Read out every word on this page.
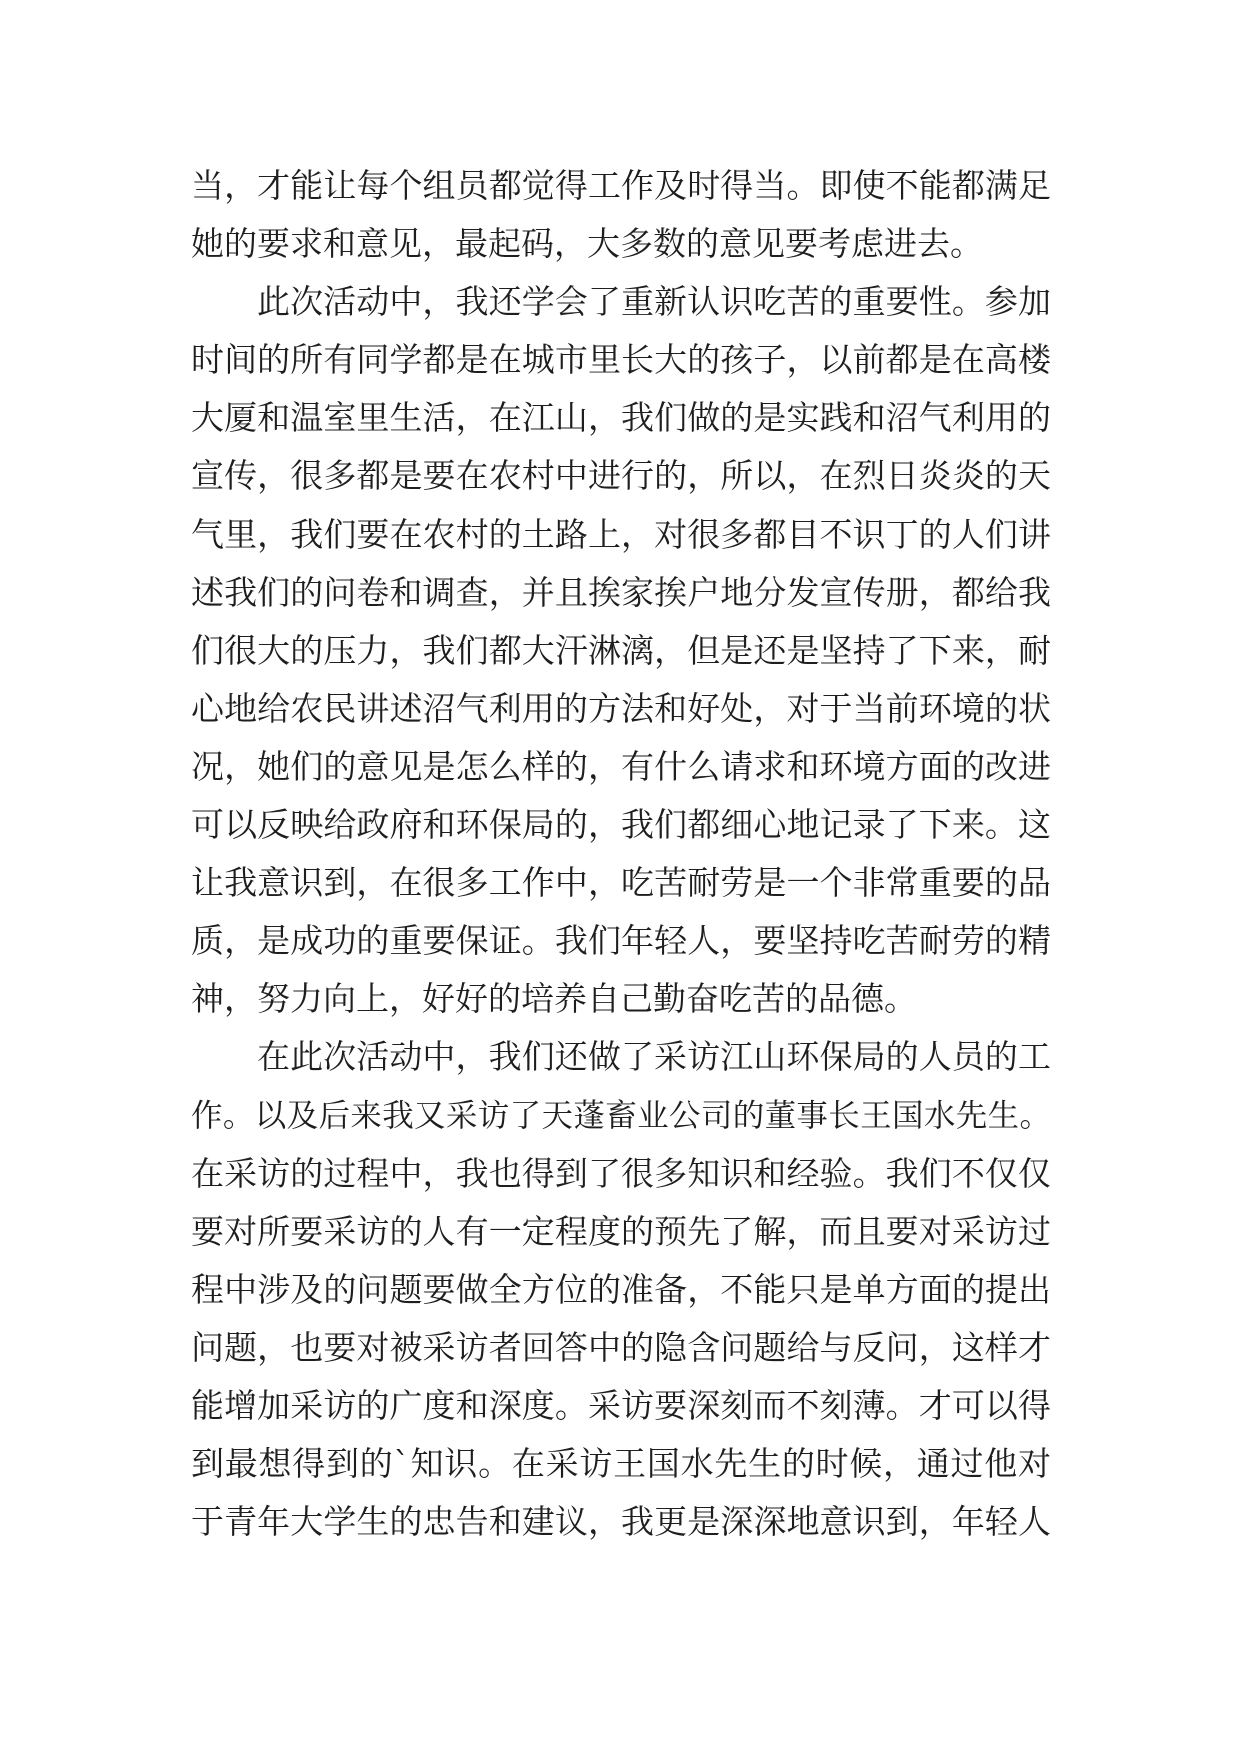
当，才能让每个组员都觉得工作及时得当。即使不能都满足
她的要求和意见，最起码，大多数的意见要考虑进去。
此次活动中，我还学会了重新认识吃苦的重要性。参加
时间的所有同学都是在城市里长大的孩子，以前都是在高楼
大厦和温室里生活，在江山，我们做的是实践和沼气利用的
宣传，很多都是要在农村中进行的，所以，在烈日炎炎的天
气里，我们要在农村的土路上，对很多都目不识丁的人们讲
述我们的问卷和调查，并且挨家挨户地分发宣传册，都给我
们很大的压力，我们都大汗淋漓，但是还是坚持了下来，耐
心地给农民讲述沼气利用的方法和好处，对于当前环境的状
况，她们的意见是怎么样的，有什么请求和环境方面的改进
可以反映给政府和环保局的，我们都细心地记录了下来。这
让我意识到，在很多工作中，吃苦耐劳是一个非常重要的品
质，是成功的重要保证。我们年轻人，要坚持吃苦耐劳的精
神，努力向上，好好的培养自己勤奋吃苦的品德。
在此次活动中，我们还做了采访江山环保局的人员的工
作。以及后来我又采访了天蓬畜业公司的董事长王国水先生。
在采访的过程中，我也得到了很多知识和经验。我们不仅仅
要对所要采访的人有一定程度的预先了解，而且要对采访过
程中涉及的问题要做全方位的准备，不能只是单方面的提出
问题，也要对被采访者回答中的隐含问题给与反问，这样才
能增加采访的广度和深度。采访要深刻而不刻薄。才可以得
到最想得到的`知识。在采访王国水先生的时候，通过他对
于青年大学生的忠告和建议，我更是深深地意识到，年轻人
